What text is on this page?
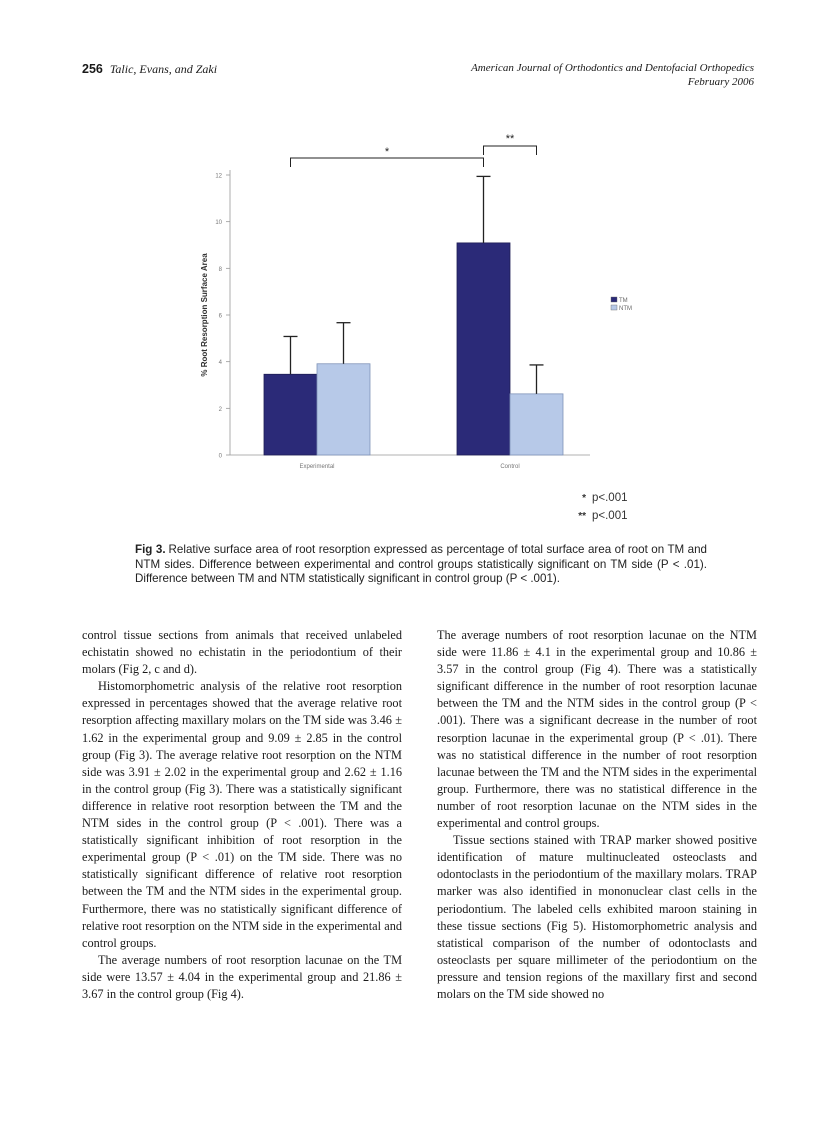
256 Talic, Evans, and Zaki	American Journal of Orthodontics and Dentofacial Orthopedics
February 2006
0
2
4
6
8
10
12
% Root Resorption Surface Area
Experimental	Control
*
**
TM
NTM
* p<.001
** p<.001

Fig 3. Relative surface area of root resorption expressed as percentage of total surface area of root on TM and NTM sides. Difference between experimental and control groups statistically significant on TM side (P < .01). Difference between TM and NTM statistically significant in control group (P < .001).

control tissue sections from animals that received unlabeled echistatin showed no echistatin in the periodontium of their molars (Fig 2, c and d).

Histomorphometric analysis of the relative root resorption expressed in percentages showed that the average relative root resorption affecting maxillary molars on the TM side was 3.46 ± 1.62 in the experimental group and 9.09 ± 2.85 in the control group (Fig 3). The average relative root resorption on the NTM side was 3.91 ± 2.02 in the experimental group and 2.62 ± 1.16 in the control group (Fig 3). There was a statistically significant difference in relative root resorption between the TM and the NTM sides in the control group (P < .001). There was a statistically significant inhibition of root resorption in the experimental group (P < .01) on the TM side. There was no statistically significant difference of relative root resorption between the TM and the NTM sides in the experimental group. Furthermore, there was no statistically significant difference of relative root resorption on the NTM side in the experimental and control groups.

The average numbers of root resorption lacunae on the TM side were 13.57 ± 4.04 in the experimental group and 21.86 ± 3.67 in the control group (Fig 4).

The average numbers of root resorption lacunae on the NTM side were 11.86 ± 4.1 in the experimental group and 10.86 ± 3.57 in the control group (Fig 4). There was a statistically significant difference in the number of root resorption lacunae between the TM and the NTM sides in the control group (P < .001). There was a significant decrease in the number of root resorption lacunae in the experimental group (P < .01). There was no statistical difference in the number of root resorption lacunae between the TM and the NTM sides in the experimental group. Furthermore, there was no statistical difference in the number of root resorption lacunae on the NTM sides in the experimental and control groups.

Tissue sections stained with TRAP marker showed positive identification of mature multinucleated osteoclasts and odontoclasts in the periodontium of the maxillary molars. TRAP marker was also identified in mononuclear clast cells in the periodontium. The labeled cells exhibited maroon staining in these tissue sections (Fig 5). Histomorphometric analysis and statistical comparison of the number of odontoclasts and osteoclasts per square millimeter of the periodontium on the pressure and tension regions of the maxillary first and second molars on the TM side showed no
